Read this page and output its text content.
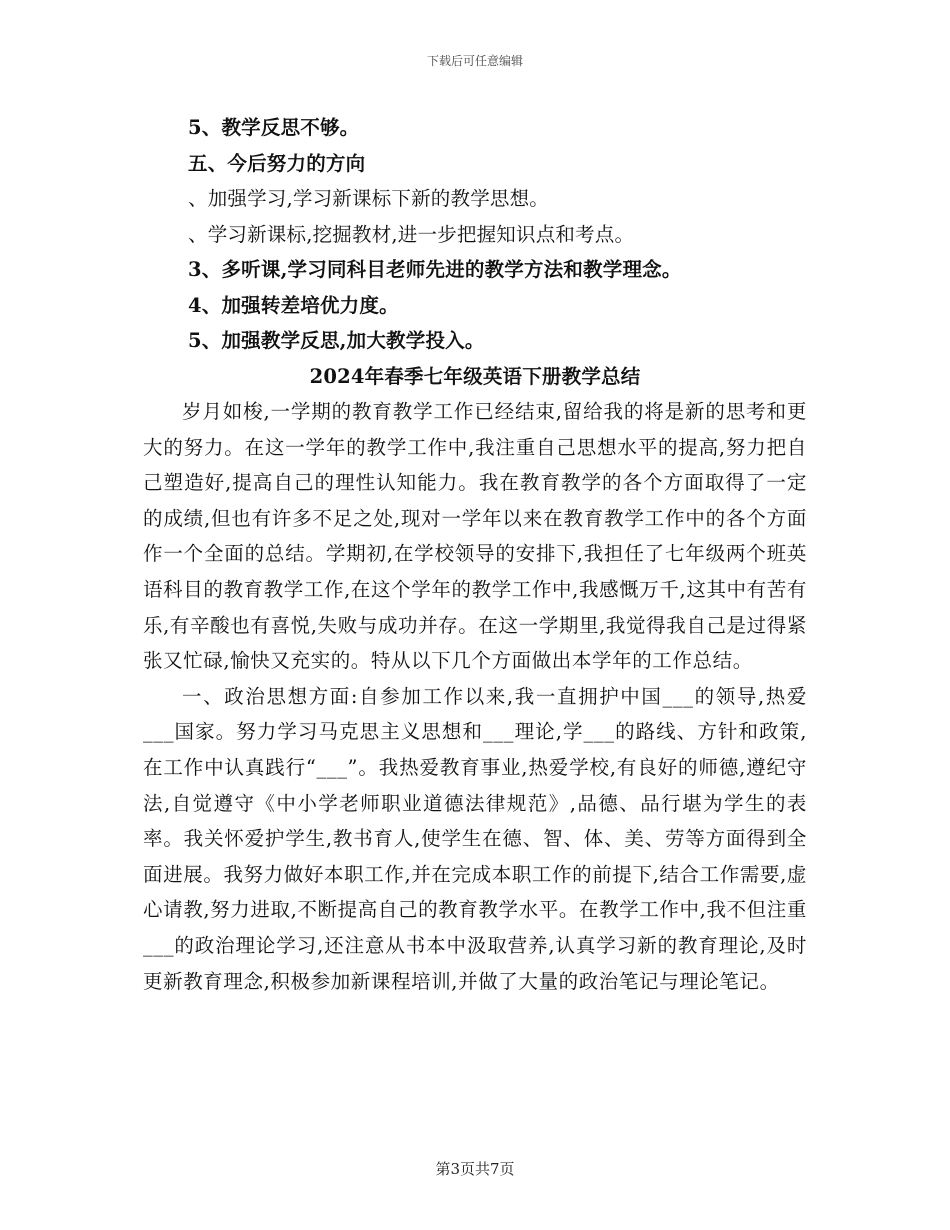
下载后可任意编辑
5、教学反思不够。
五、今后努力的方向
、加强学习,学习新课标下新的教学思想。
、学习新课标,挖掘教材,进一步把握知识点和考点。
3、多听课,学习同科目老师先进的教学方法和教学理念。
4、加强转差培优力度。
5、加强教学反思,加大教学投入。
2024年春季七年级英语下册教学总结

岁月如梭,一学期的教育教学工作已经结束,留给我的将是新的思考和更大的努力。在这一学年的教学工作中,我注重自己思想水平的提高,努力把自己塑造好,提高自己的理性认知能力。我在教育教学的各个方面取得了一定的成绩,但也有许多不足之处,现对一学年以来在教育教学工作中的各个方面作一个全面的总结。学期初,在学校领导的安排下,我担任了七年级两个班英语科目的教育教学工作,在这个学年的教学工作中,我感慨万千,这其中有苦有乐,有辛酸也有喜悦,失败与成功并存。在这一学期里,我觉得我自己是过得紧张又忙碌,愉快又充实的。特从以下几个方面做出本学年的工作总结。

一、政治思想方面:自参加工作以来,我一直拥护中国___的领导,热爱___国家。努力学习马克思主义思想和___理论,学___的路线、方针和政策,在工作中认真践行“___”。我热爱教育事业,热爱学校,有良好的师德,遵纪守法,自觉遵守《中小学老师职业道德法律规范》,品德、品行堪为学生的表率。我关怀爱护学生,教书育人,使学生在德、智、体、美、劳等方面得到全面进展。我努力做好本职工作,并在完成本职工作的前提下,结合工作需要,虚心请教,努力进取,不断提高自己的教育教学水平。在教学工作中,我不但注重___的政治理论学习,还注意从书本中汲取营养,认真学习新的教育理论,及时更新教育理念,积极参加新课程培训,并做了大量的政治笔记与理论笔记。

第3页共7页
